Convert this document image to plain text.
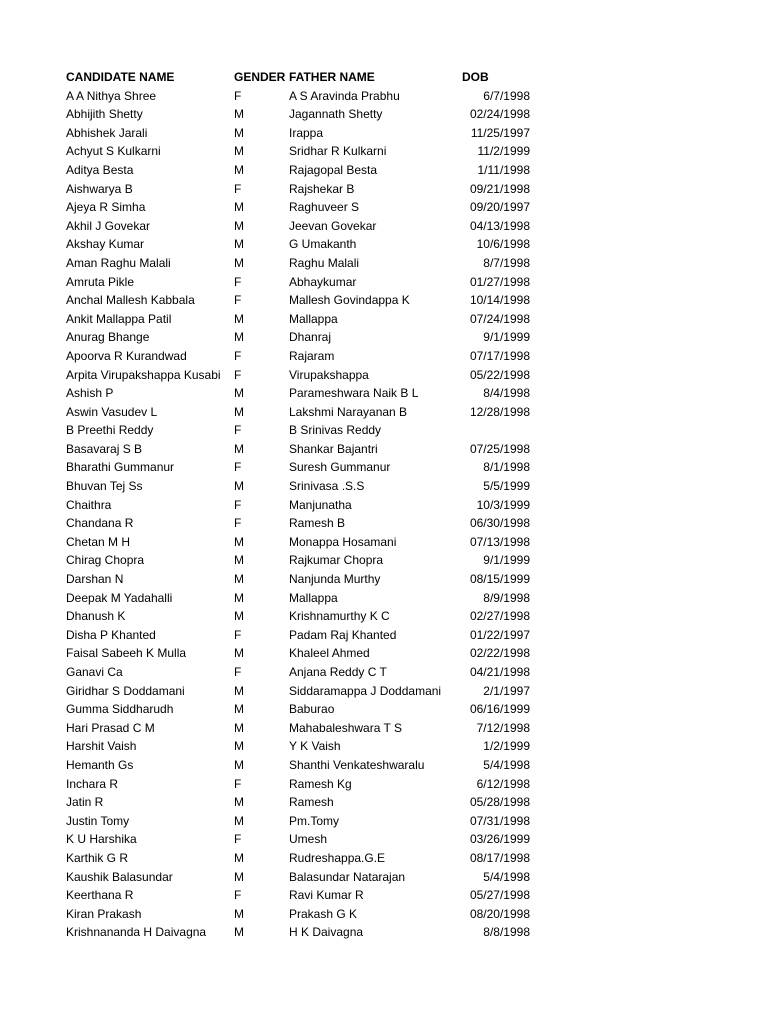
CANDIDATE NAME	GENDER FATHER NAME	DOB
A A Nithya Shree	F	A S Aravinda Prabhu	6/7/1998
Abhijith Shetty	M	Jagannath Shetty	02/24/1998
Abhishek Jarali	M	Irappa	11/25/1997
Achyut S Kulkarni	M	Sridhar R Kulkarni	11/2/1999
Aditya Besta	M	Rajagopal Besta	1/11/1998
Aishwarya B	F	Rajshekar B	09/21/1998
Ajeya R Simha	M	Raghuveer S	09/20/1997
Akhil J Govekar	M	Jeevan Govekar	04/13/1998
Akshay Kumar	M	G Umakanth	10/6/1998
Aman Raghu Malali	M	Raghu Malali	8/7/1998
Amruta Pikle	F	Abhaykumar	01/27/1998
Anchal Mallesh Kabbala	F	Mallesh Govindappa K	10/14/1998
Ankit Mallappa Patil	M	Mallappa	07/24/1998
Anurag Bhange	M	Dhanraj	9/1/1999
Apoorva R Kurandwad	F	Rajaram	07/17/1998
Arpita Virupakshappa Kusabi	F	Virupakshappa	05/22/1998
Ashish P	M	Parameshwara Naik B L	8/4/1998
Aswin Vasudev L	M	Lakshmi Narayanan B	12/28/1998
B Preethi Reddy	F	B Srinivas Reddy
Basavaraj S B	M	Shankar Bajantri	07/25/1998
Bharathi Gummanur	F	Suresh Gummanur	8/1/1998
Bhuvan Tej Ss	M	Srinivasa .S.S	5/5/1999
Chaithra	F	Manjunatha	10/3/1999
Chandana R	F	Ramesh B	06/30/1998
Chetan M H	M	Monappa Hosamani	07/13/1998
Chirag Chopra	M	Rajkumar Chopra	9/1/1999
Darshan N	M	Nanjunda Murthy	08/15/1999
Deepak M Yadahalli	M	Mallappa	8/9/1998
Dhanush K	M	Krishnamurthy K C	02/27/1998
Disha P Khanted	F	Padam Raj Khanted	01/22/1997
Faisal Sabeeh K Mulla	M	Khaleel Ahmed	02/22/1998
Ganavi Ca	F	Anjana Reddy C T	04/21/1998
Giridhar S Doddamani	M	Siddaramappa J Doddamani	2/1/1997
Gumma Siddharudh	M	Baburao	06/16/1999
Hari Prasad C M	M	Mahabaleshwara T S	7/12/1998
Harshit Vaish	M	Y K Vaish	1/2/1999
Hemanth Gs	M	Shanthi Venkateshwaralu	5/4/1998
Inchara R	F	Ramesh Kg	6/12/1998
Jatin R	M	Ramesh	05/28/1998
Justin Tomy	M	Pm.Tomy	07/31/1998
K U Harshika	F	Umesh	03/26/1999
Karthik G R	M	Rudreshappa.G.E	08/17/1998
Kaushik Balasundar	M	Balasundar Natarajan	5/4/1998
Keerthana R	F	Ravi Kumar R	05/27/1998
Kiran Prakash	M	Prakash G K	08/20/1998
Krishnananda H Daivagna	M	H K Daivagna	8/8/1998
